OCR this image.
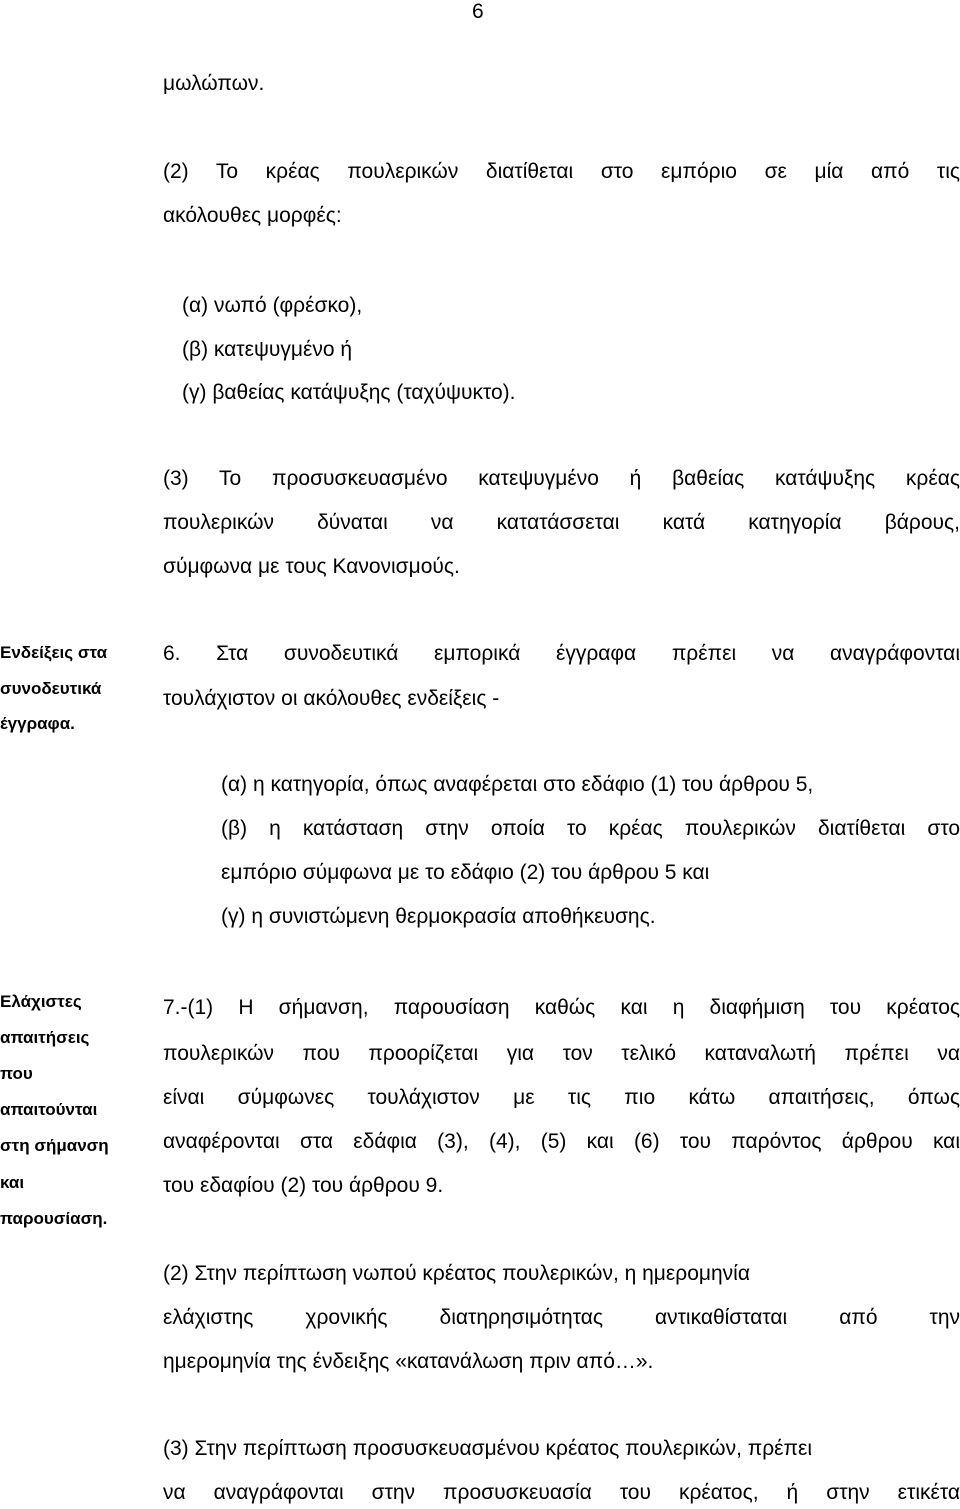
6
μωλώπων.
(2) Το κρέας πουλερικών διατίθεται στο εμπόριο σε μία από τις
ακόλουθες μορφές:
(α) νωπό (φρέσκο),
(β) κατεψυγμένο ή
(γ) βαθείας κατάψυξης (ταχύψυκτο).
(3) Το προσυσκευασμένο κατεψυγμένο ή βαθείας κατάψυξης κρέας
πουλερικών δύναται να κατατάσσεται κατά κατηγορία βάρους,
σύμφωνα με τους Κανονισμούς.
Ενδείξεις στα
συνοδευτικά
έγγραφα.
6. Στα συνοδευτικά εμπορικά έγγραφα πρέπει να αναγράφονται
τουλάχιστον οι ακόλουθες ενδείξεις -
(α) η κατηγορία, όπως αναφέρεται στο εδάφιο (1) του άρθρου 5,
(β) η κατάσταση στην οποία το κρέας πουλερικών διατίθεται στο
εμπόριο σύμφωνα με το εδάφιο (2) του άρθρου 5 και
(γ) η συνιστώμενη θερμοκρασία αποθήκευσης.
Ελάχιστες
απαιτήσεις
που
απαιτούνται
στη σήμανση
και
παρουσίαση.
7.-(1) Η σήμανση, παρουσίαση καθώς και η διαφήμιση του κρέατος
πουλερικών που προορίζεται για τον τελικό καταναλωτή πρέπει να
είναι σύμφωνες τουλάχιστον με τις πιο κάτω απαιτήσεις, όπως
αναφέρονται στα εδάφια (3), (4), (5) και (6) του παρόντος άρθρου και
του εδαφίου (2) του άρθρου 9.
(2) Στην περίπτωση νωπού κρέατος πουλερικών, η ημερομηνία
ελάχιστης χρονικής διατηρησιμότητας αντικαθίσταται από την
ημερομηνία της ένδειξης «κατανάλωση πριν από…».
(3) Στην περίπτωση προσυσκευασμένου κρέατος πουλερικών, πρέπει
να αναγράφονται στην προσυσκευασία του κρέατος, ή στην ετικέτα
